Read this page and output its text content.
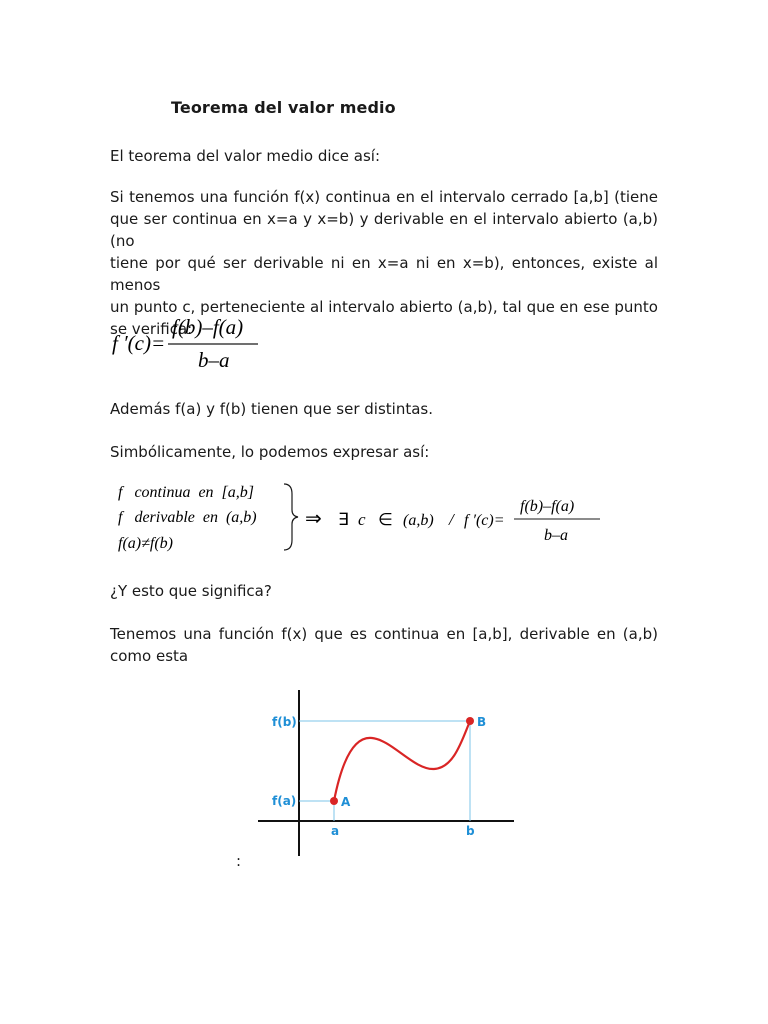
Teorema del valor medio
El teorema del valor medio dice así:
Si tenemos una función f(x) continua en el intervalo cerrado [a,b] (tiene
que ser continua en x=a y x=b) y derivable en el intervalo abierto (a,b) (no
tiene por qué ser derivable ni en x=a ni en x=b), entonces, existe al menos
un punto c, perteneciente al intervalo abierto (a,b), tal que en ese punto
se verifica:
f ′(c)=
f(b)–f(a)
b–a
Además f(a) y f(b) tienen que ser distintas.
Simbólicamente, lo podemos expresar así:
f   continua  en  [a,b]
f   derivable  en  (a,b)
f(a)≠f(b)
⇒ ∃ c ∈ (a,b) / f ′(c)=
f(b)–f(a)
b–a
¿Y esto que significa?
Tenemos una función f(x) que es continua en [a,b], derivable en (a,b)
como esta
f(b)
f(a)
a	b
A
B
:
